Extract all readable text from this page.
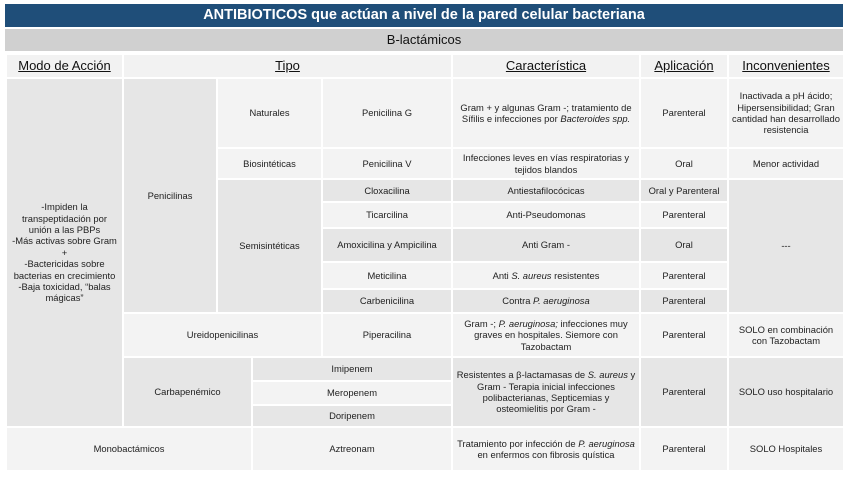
ANTIBIOTICOS que actúan a nivel de la pared celular bacteriana
B-lactámicos
Modo de Acción	Tipo				Característica	Aplicación	Inconvenientes

-Impiden la transpeptidación por unión a las PBPs
-Más activas sobre Gram +
-Bactericidas sobre bacterias en crecimiento
-Baja toxicidad, “balas mágicas”	Penicilinas	Naturales		Penicilina G	Gram + y algunas Gram -; tratamiento de Sífilis e infecciones por Bacteroides spp.	Parenteral	Inactivada a pH ácido; Hipersensibilidad; Gran cantidad han desarrollado resistencia
		Biosintéticas		Penicilina V	Infecciones leves en vías respiratorias y tejidos blandos	Oral	Menor actividad
		Semisintéticas		Cloxacilina	Antiestafilocócicas	Oral y Parenteral	---
				Ticarcilina	Anti-Pseudomonas	Parenteral	
				Amoxicilina y Ampicilina	Anti Gram -	Oral	
				Meticilina	Anti S. aureus resistentes	Parenteral	
				Carbenicilina	Contra P. aeruginosa	Parenteral	
	Ureidopenicilinas			Piperacilina	Gram -; P. aeruginosa; infecciones muy graves en hospitales. Siemore con Tazobactam	Parenteral	SOLO en combinación con Tazobactam
	Carbapenémico		Imipenem		Resistentes a β-lactamasas de S. aureus y Gram - Terapia inicial infecciones polibacterianas, Septicemias y osteomielitis por Gram -	Parenteral	SOLO uso hospitalario
			Meropenem				
			Doripenem				
Monobactámicos			Aztreonam		Tratamiento por infección de P. aeruginosa en enfermos con fibrosis quística	Parenteral	SOLO Hospitales
